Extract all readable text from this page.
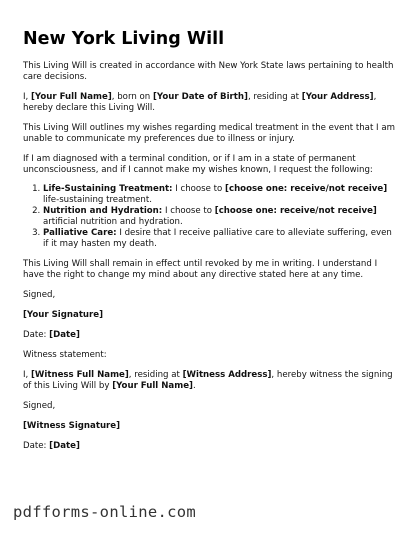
New York Living Will

This Living Will is created in accordance with New York State laws pertaining to health care decisions.

I, [Your Full Name], born on [Your Date of Birth], residing at [Your Address], hereby declare this Living Will.

This Living Will outlines my wishes regarding medical treatment in the event that I am unable to communicate my preferences due to illness or injury.

If I am diagnosed with a terminal condition, or if I am in a state of permanent unconsciousness, and if I cannot make my wishes known, I request the following:

1. Life-Sustaining Treatment: I choose to [choose one: receive/not receive] life-sustaining treatment.
2. Nutrition and Hydration: I choose to [choose one: receive/not receive] artificial nutrition and hydration.
3. Palliative Care: I desire that I receive palliative care to alleviate suffering, even if it may hasten my death.

This Living Will shall remain in effect until revoked by me in writing. I understand I have the right to change my mind about any directive stated here at any time.

Signed,

[Your Signature]

Date: [Date]

Witness statement:

I, [Witness Full Name], residing at [Witness Address], hereby witness the signing of this Living Will by [Your Full Name].

Signed,

[Witness Signature]

Date: [Date]

pdfforms-online.com
